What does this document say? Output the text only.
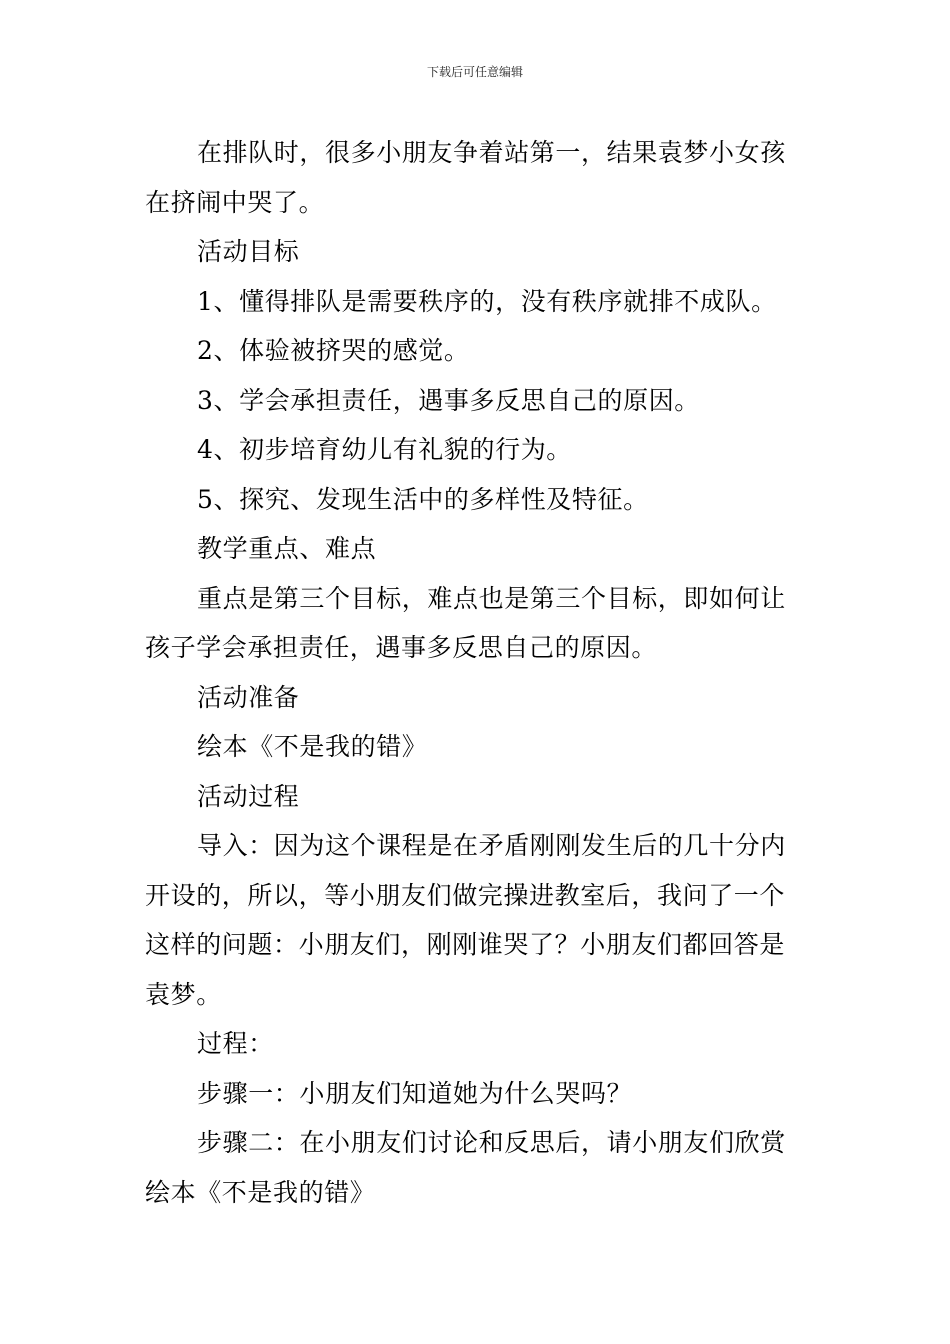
下载后可任意编辑

在排队时，很多小朋友争着站第一，结果袁梦小女孩在挤闹中哭了。

活动目标

1、懂得排队是需要秩序的，没有秩序就排不成队。

2、体验被挤哭的感觉。

3、学会承担责任，遇事多反思自己的原因。

4、初步培育幼儿有礼貌的行为。

5、探究、发现生活中的多样性及特征。

教学重点、难点

重点是第三个目标，难点也是第三个目标，即如何让孩子学会承担责任，遇事多反思自己的原因。

活动准备

绘本《不是我的错》

活动过程

导入：因为这个课程是在矛盾刚刚发生后的几十分内开设的，所以，等小朋友们做完操进教室后，我问了一个这样的问题：小朋友们，刚刚谁哭了？小朋友们都回答是袁梦。

过程：

步骤一：小朋友们知道她为什么哭吗？

步骤二：在小朋友们讨论和反思后，请小朋友们欣赏绘本《不是我的错》
